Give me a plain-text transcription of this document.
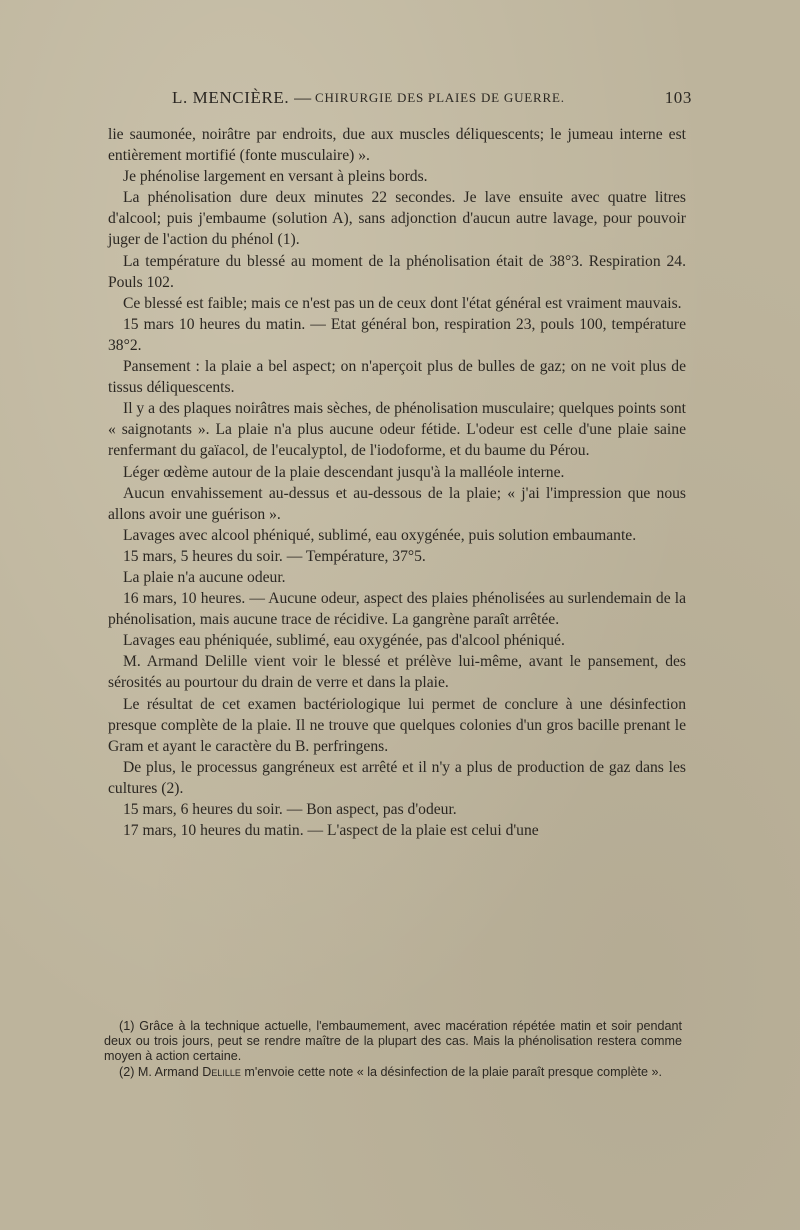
L. MENCIÈRE. — CHIRURGIE DES PLAIES DE GUERRE.	103

lie saumonée, noirâtre par endroits, due aux muscles déliquescents; le jumeau interne est entièrement mortifié (fonte musculaire) ».

Je phénolise largement en versant à pleins bords.

La phénolisation dure deux minutes 22 secondes. Je lave ensuite avec quatre litres d'alcool; puis j'embaume (solution A), sans adjonction d'aucun autre lavage, pour pouvoir juger de l'action du phénol (1).

La température du blessé au moment de la phénolisation était de 38°3. Respiration 24. Pouls 102.

Ce blessé est faible; mais ce n'est pas un de ceux dont l'état général est vraiment mauvais.

15 mars 10 heures du matin. — Etat général bon, respiration 23, pouls 100, température 38°2.

Pansement : la plaie a bel aspect; on n'aperçoit plus de bulles de gaz; on ne voit plus de tissus déliquescents.

Il y a des plaques noirâtres mais sèches, de phénolisation musculaire; quelques points sont « saignotants ». La plaie n'a plus aucune odeur fétide. L'odeur est celle d'une plaie saine renfermant du gaïacol, de l'eucalyptol, de l'iodoforme, et du baume du Pérou.

Léger œdème autour de la plaie descendant jusqu'à la malléole interne.

Aucun envahissement au-dessus et au-dessous de la plaie; « j'ai l'impression que nous allons avoir une guérison ».

Lavages avec alcool phéniqué, sublimé, eau oxygénée, puis solution embaumante.

15 mars, 5 heures du soir. — Température, 37°5.

La plaie n'a aucune odeur.

16 mars, 10 heures. — Aucune odeur, aspect des plaies phénolisées au surlendemain de la phénolisation, mais aucune trace de récidive. La gangrène paraît arrêtée.

Lavages eau phéniquée, sublimé, eau oxygénée, pas d'alcool phéniqué.

M. Armand Delille vient voir le blessé et prélève lui-même, avant le pansement, des sérosités au pourtour du drain de verre et dans la plaie.

Le résultat de cet examen bactériologique lui permet de conclure à une désinfection presque complète de la plaie. Il ne trouve que quelques colonies d'un gros bacille prenant le Gram et ayant le caractère du B. perfringens.

De plus, le processus gangréneux est arrêté et il n'y a plus de production de gaz dans les cultures (2).

15 mars, 6 heures du soir. — Bon aspect, pas d'odeur.

17 mars, 10 heures du matin. — L'aspect de la plaie est celui d'une

(1) Grâce à la technique actuelle, l'embaumement, avec macération répétée matin et soir pendant deux ou trois jours, peut se rendre maître de la plupart des cas. Mais la phénolisation restera comme moyen à action certaine.

(2) M. Armand Delille m'envoie cette note « la désinfection de la plaie paraît presque complète ».
